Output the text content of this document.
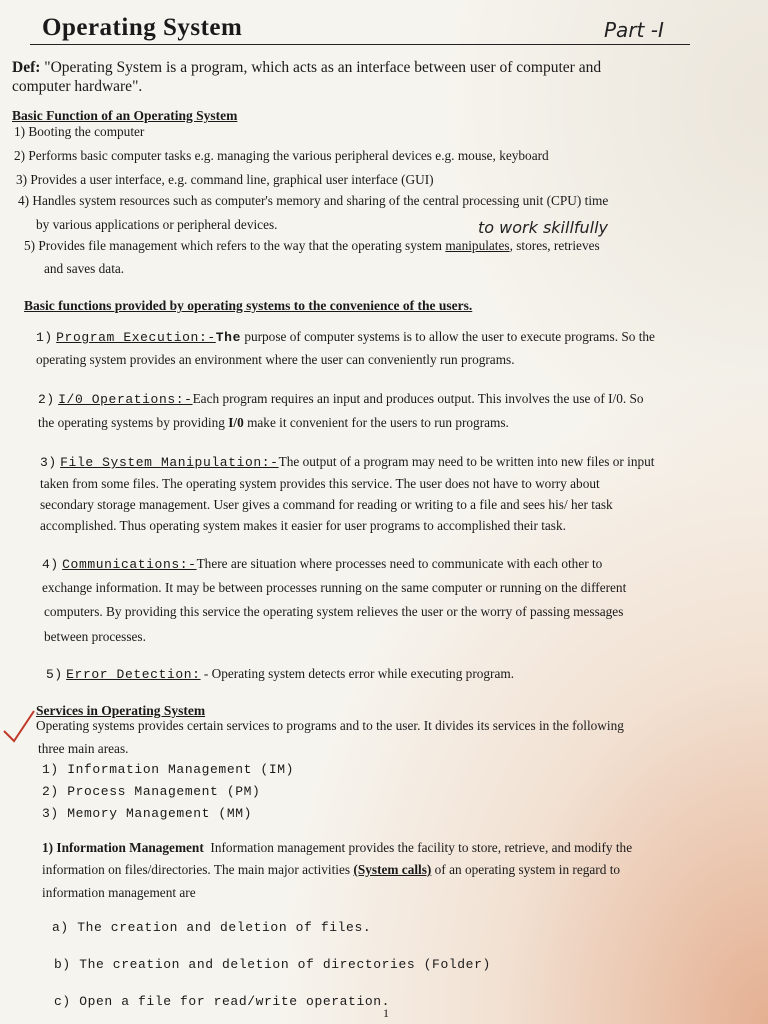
Operating System	Part -I
Def: "Operating System is a program, which acts as an interface between user of computer and
computer hardware".
Basic Function of an Operating System
1) Booting the computer
2) Performs basic computer tasks e.g. managing the various peripheral devices e.g. mouse, keyboard
3) Provides a user interface, e.g. command line, graphical user interface (GUI)
4) Handles system resources such as computer's memory and sharing of the central processing unit (CPU) time
by various applications or peripheral devices.	to work skillfully
5) Provides file management which refers to the way that the operating system manipulates, stores, retrieves
and saves data.
Basic functions provided by operating systems to the convenience of the users.
1) Program Execution:-The purpose of computer systems is to allow the user to execute programs. So the
operating system provides an environment where the user can conveniently run programs.
2) I/0 Operations:-Each program requires an input and produces output. This involves the use of I/0. So
the operating systems by providing I/0 make it convenient for the users to run programs.
3) File System Manipulation:-The output of a program may need to be written into new files or input
taken from some files. The operating system provides this service. The user does not have to worry about
secondary storage management. User gives a command for reading or writing to a file and sees his/ her task
accomplished. Thus operating system makes it easier for user programs to accomplished their task.
4) Communications:-There are situation where processes need to communicate with each other to
exchange information. It may be between processes running on the same computer or running on the different
computers. By providing this service the operating system relieves the user or the worry of passing messages
between processes.
5) Error Detection: - Operating system detects error while executing program.
Services in Operating System
Operating systems provides certain services to programs and to the user. It divides its services in the following
three main areas.
1) Information Management (IM)
2) Process Management (PM)
3) Memory Management (MM)
1) Information Management Information management provides the facility to store, retrieve, and modify the
information on files/directories. The main major activities (System calls) of an operating system in regard to
information management are
a) The creation and deletion of files.
b) The creation and deletion of directories (Folder)
c) Open a file for read/write operation.
1
